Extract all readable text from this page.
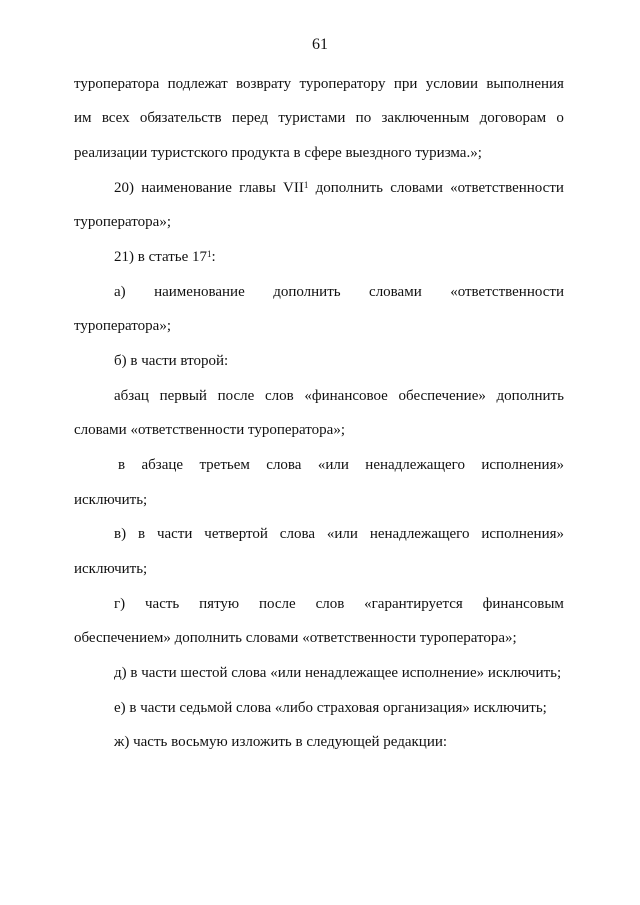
61
туроператора подлежат возврату туроператору при условии выполнения
им всех обязательств перед туристами по заключенным договорам о
реализации туристского продукта в сфере выездного туризма.»;
20) наименование главы VII$^1$ дополнить словами «ответственности
туроператора»;
21) в статье $17^1$:
а) наименование дополнить словами «ответственности
туроператора»;
б) в части второй:
абзац первый после слов «финансовое обеспечение» дополнить
словами «ответственности туроператора»;
в абзаце третьем слова «или ненадлежащего исполнения»
исключить;
в) в части четвертой слова «или ненадлежащего исполнения»
исключить;
г) часть пятую после слов «гарантируется финансовым
обеспечением» дополнить словами «ответственности туроператора»;
д) в части шестой слова «или ненадлежащее исполнение» исключить;
е) в части седьмой слова «либо страховая организация» исключить;
ж) часть восьмую изложить в следующей редакции:
